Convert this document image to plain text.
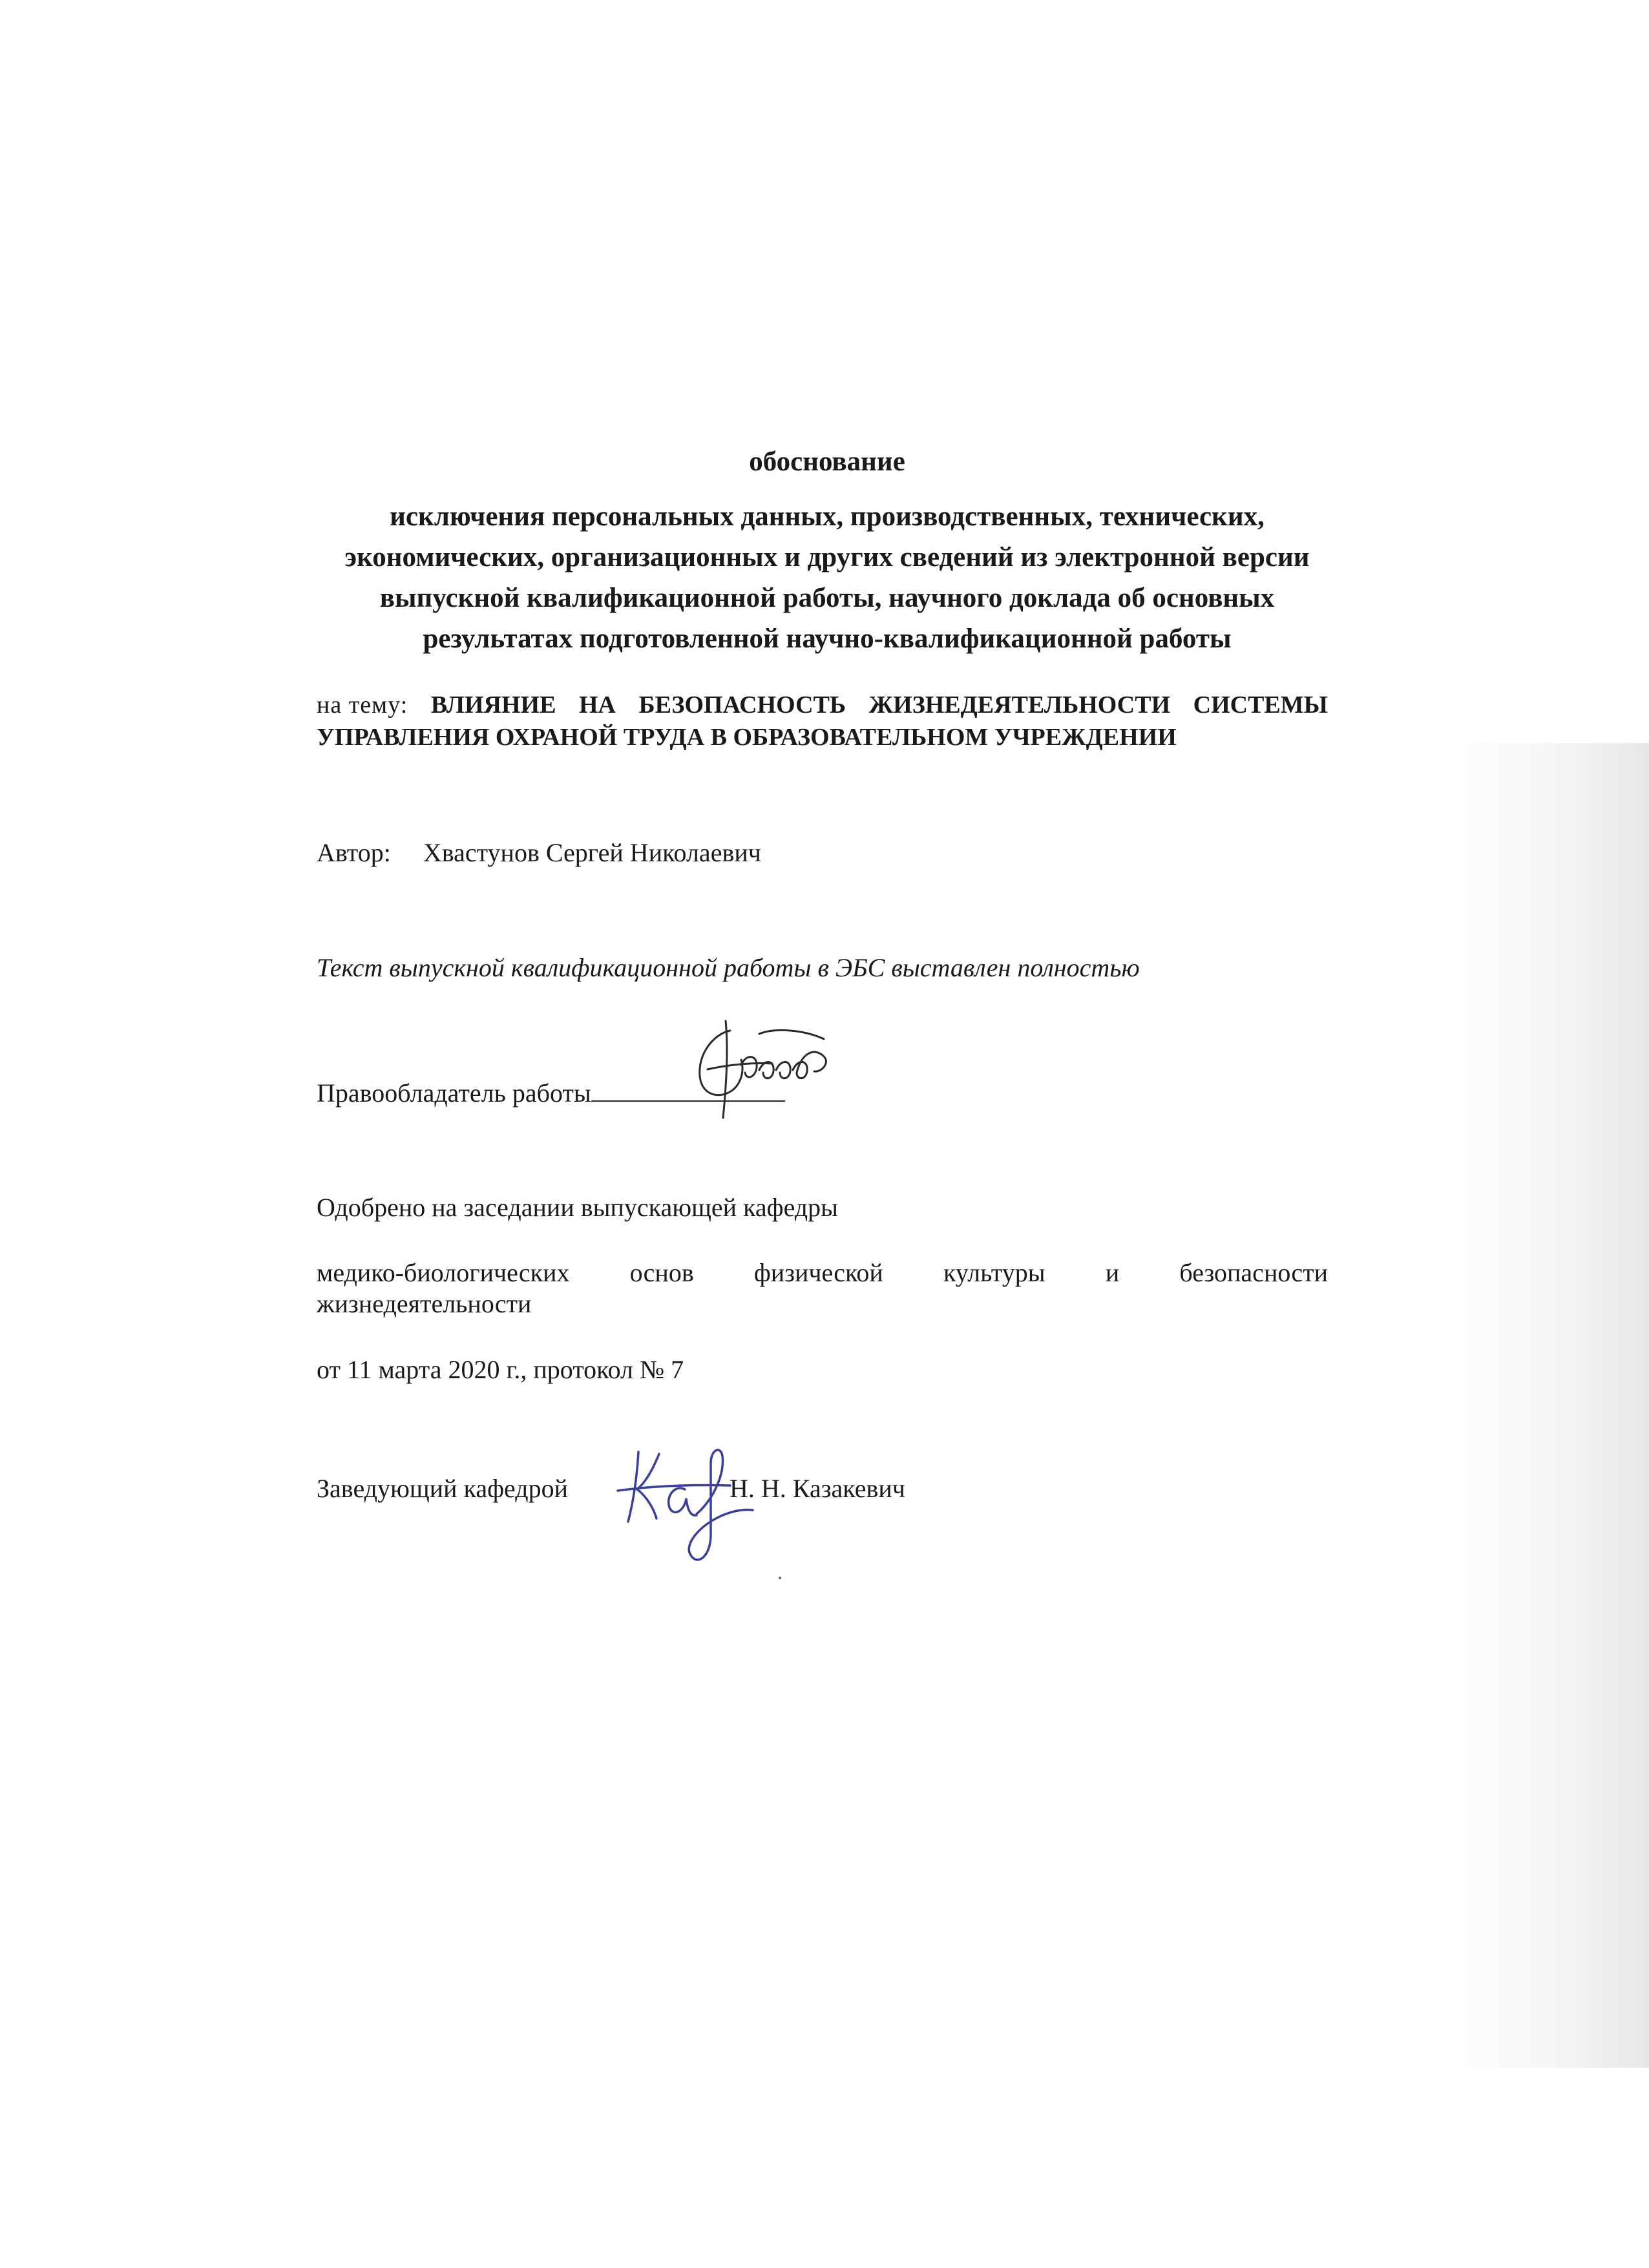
обоснование
исключения персональных данных, производственных, технических,
экономических, организационных и других сведений из электронной версии
выпускной квалификационной работы, научного доклада об основных
результатах подготовленной научно-квалификационной работы
на тему: ВЛИЯНИЕ НА БЕЗОПАСНОСТЬ ЖИЗНЕДЕЯТЕЛЬНОСТИ СИСТЕМЫ
УПРАВЛЕНИЯ ОХРАНОЙ ТРУДА В ОБРАЗОВАТЕЛЬНОМ УЧРЕЖДЕНИИ
Автор: Хвастунов Сергей Николаевич
Текст выпускной квалификационной работы в ЭБС выставлен полностью
Правообладатель работы
Одобрено на заседании выпускающей кафедры
медико-биологических основ физической культуры и безопасности
жизнедеятельности
от 11 марта 2020 г., протокол № 7
Заведующий кафедрой	Н. Н. Казакевич
